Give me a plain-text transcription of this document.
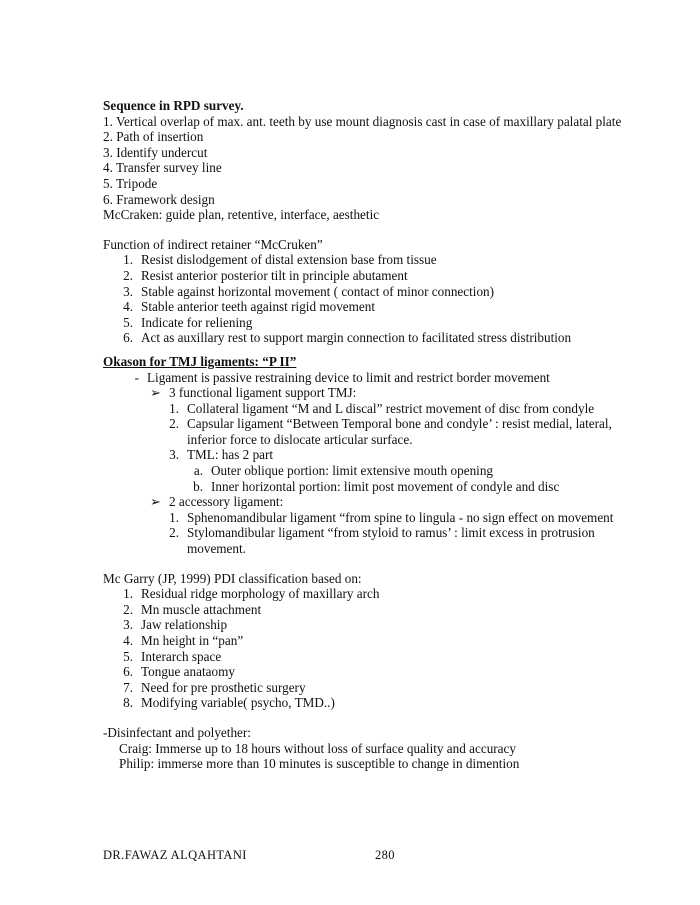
Sequence in RPD survey.

1. Vertical overlap of max. ant. teeth by use mount diagnosis cast in case of maxillary palatal plate

2. Path of insertion

3. Identify undercut

4. Transfer survey line

5. Tripode

6. Framework design

McCraken: guide plan, retentive, interface, aesthetic

Function of indirect retainer “McCruken”

1. Resist dislodgement of distal extension base from tissue
2. Resist anterior posterior tilt in principle abutament
3. Stable against horizontal movement ( contact of minor connection)
4. Stable anterior teeth against rigid movement
5. Indicate for reliening
6. Act as auxillary rest to support margin connection to facilitated stress distribution

Okason for TMJ ligaments: “P II”

- Ligament is passive restraining device to limit and restrict border movement
➢ 3 functional ligament support TMJ:
1. Collateral ligament “M and L discal” restrict movement of disc from condyle
2. Capsular ligament “Between Temporal bone and condyle’ : resist medial, lateral, inferior force to dislocate articular surface.
3. TML: has 2 part
a. Outer oblique portion: limit extensive mouth opening
b. Inner horizontal portion: limit post movement of condyle and disc
➢ 2 accessory ligament:
1. Sphenomandibular ligament “from spine to lingula - no sign effect on movement
2. Stylomandibular ligament “from styloid to ramus’ : limit excess in protrusion movement.

Mc Garry (JP, 1999) PDI classification based on:

1. Residual ridge morphology of maxillary arch
2. Mn muscle attachment
3. Jaw relationship
4. Mn height in “pan”
5. Interarch space
6. Tongue anataomy
7. Need for pre prosthetic surgery
8. Modifying variable( psycho, TMD..)

-Disinfectant and polyether:

Craig: Immerse up to 18 hours without loss of surface quality and accuracy

Philip: immerse more than 10 minutes is susceptible to change in dimention

DR.FAWAZ ALQAHTANI	280
